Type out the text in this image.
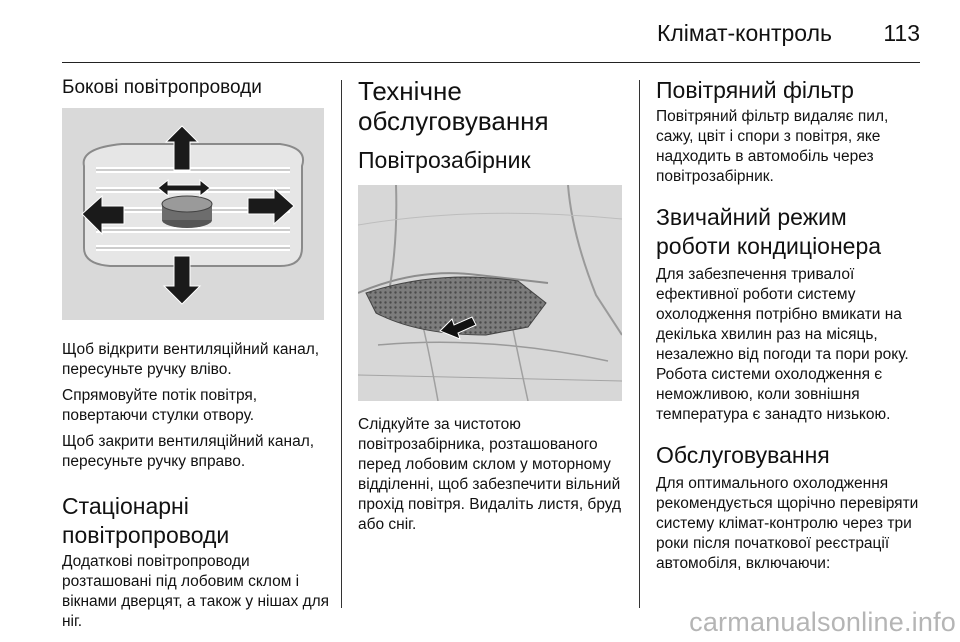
Клімат-контроль 113
Бокові повітропроводи

Щоб відкрити вентиляційний канал, пересуньте ручку вліво.

Спрямовуйте потік повітря, повертаючи стулки отвору.

Щоб закрити вентиляційний канал, пересуньте ручку вправо.

Стаціонарні повітропроводи

Додаткові повітропроводи розташовані під лобовим склом і вікнами дверцят, а також у нішах для ніг.

Технічне обслуговування
Повітрозабірник

Слідкуйте за чистотою повітрозабірника, розташованого перед лобовим склом у моторному відділенні, щоб забезпечити вільний прохід повітря. Видаліть листя, бруд або сніг.

Повітряний фільтр

Повітряний фільтр видаляє пил, сажу, цвіт і спори з повітря, яке надходить в автомобіль через повітрозабірник.

Звичайний режим роботи кондиціонера

Для забезпечення тривалої ефективної роботи систему охолодження потрібно вмикати на декілька хвилин раз на місяць, незалежно від погоди та пори року. Робота системи охолодження є неможливою, коли зовнішня температура є занадто низькою.

Обслуговування

Для оптимального охолодження рекомендується щорічно перевіряти систему клімат-контролю через три роки після початкової реєстрації автомобіля, включаючи:

carmanualsonline.info
